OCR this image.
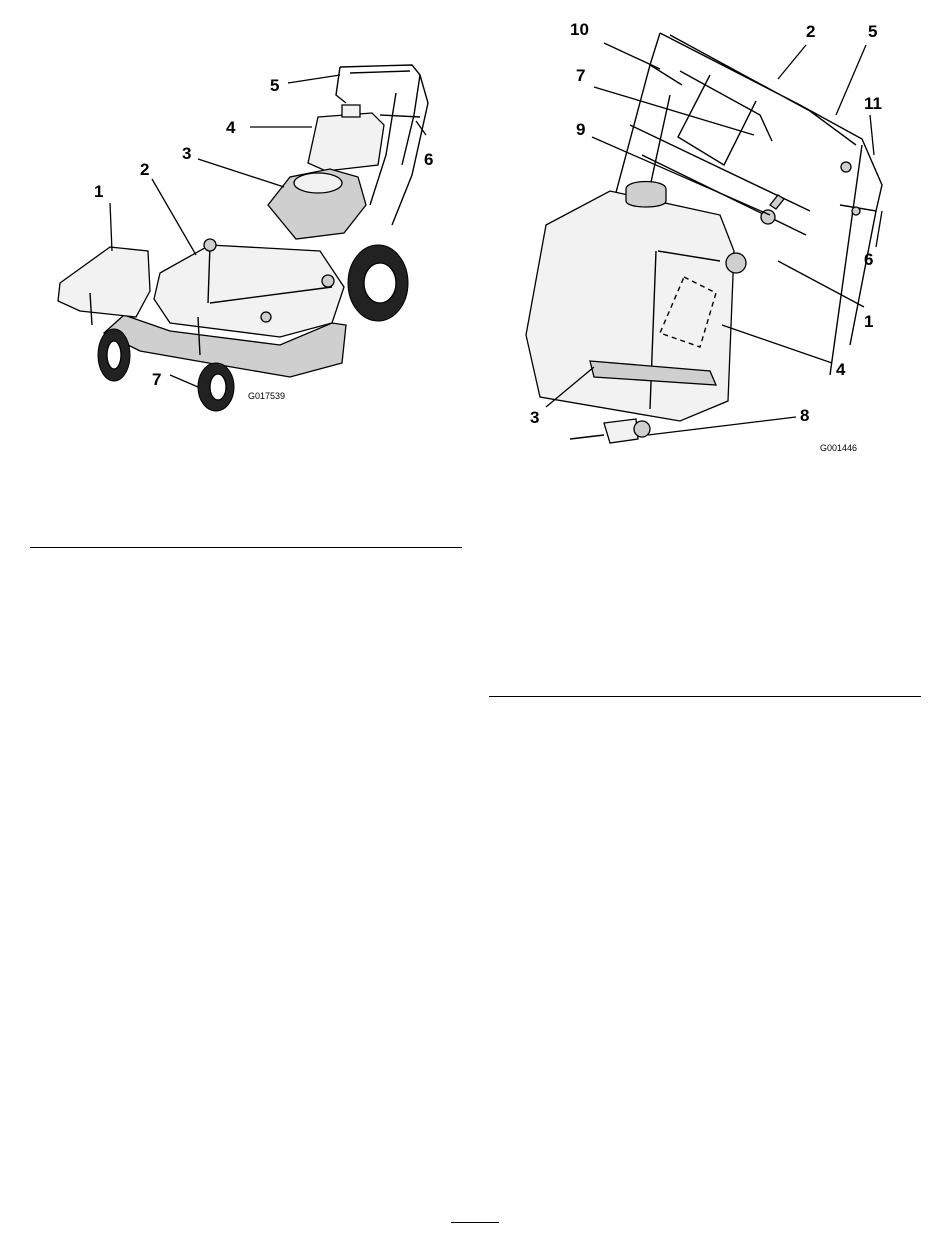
1
2
3
4
5
6
7
G017539
10	2	5
7
11
9
6
1
4
3	8
G001446
